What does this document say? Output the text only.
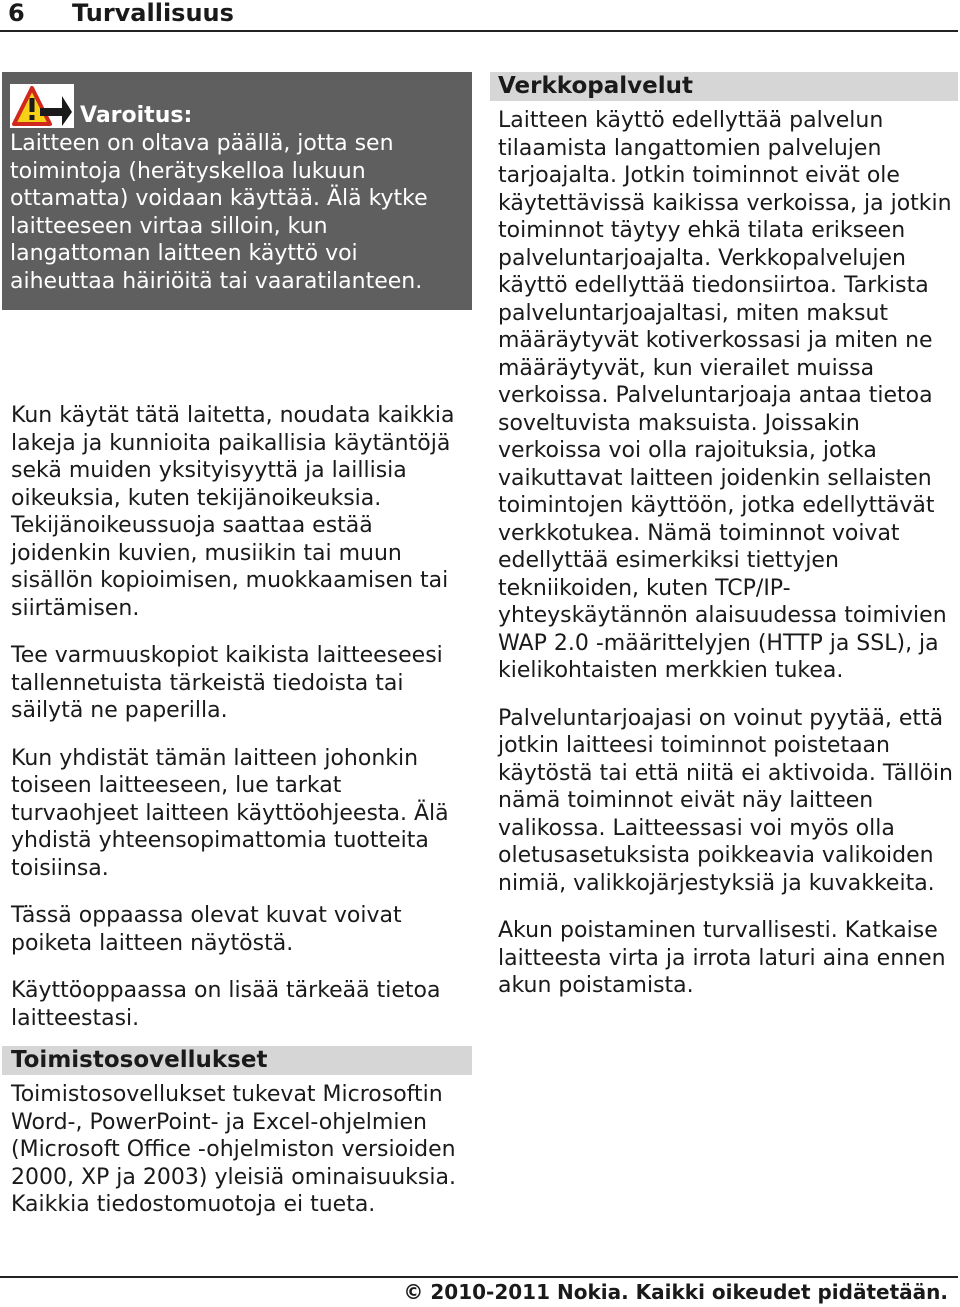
6 Turvallisuus
Varoitus:
Laitteen on oltava päällä, jotta sen toimintoja (herätyskelloa lukuun ottamatta) voidaan käyttää. Älä kytke laitteeseen virtaa silloin, kun langattoman laitteen käyttö voi aiheuttaa häiriöitä tai vaaratilanteen.

Kun käytät tätä laitetta, noudata kaikkia lakeja ja kunnioita paikallisia käytäntöjä sekä muiden yksityisyyttä ja laillisia oikeuksia, kuten tekijänoikeuksia. Tekijänoikeussuoja saattaa estää joidenkin kuvien, musiikin tai muun sisällön kopioimisen, muokkaamisen tai siirtämisen.

Tee varmuuskopiot kaikista laitteeseesi tallennetuista tärkeistä tiedoista tai säilytä ne paperilla.

Kun yhdistät tämän laitteen johonkin toiseen laitteeseen, lue tarkat turvaohjeet laitteen käyttöohjeesta. Älä yhdistä yhteensopimattomia tuotteita toisiinsa.

Tässä oppaassa olevat kuvat voivat poiketa laitteen näytöstä.

Käyttöoppaassa on lisää tärkeää tietoa laitteestasi.

Toimistosovellukset

Toimistosovellukset tukevat Microsoftin Word-, PowerPoint- ja Excel-ohjelmien (Microsoft Office -ohjelmiston versioiden 2000, XP ja 2003) yleisiä ominaisuuksia. Kaikkia tiedostomuotoja ei tueta.

Verkkopalvelut

Laitteen käyttö edellyttää palvelun tilaamista langattomien palvelujen tarjoajalta. Jotkin toiminnot eivät ole käytettävissä kaikissa verkoissa, ja jotkin toiminnot täytyy ehkä tilata erikseen palveluntarjoajalta. Verkkopalvelujen käyttö edellyttää tiedonsiirtoa. Tarkista palveluntarjoajaltasi, miten maksut määräytyvät kotiverkossasi ja miten ne määräytyvät, kun vierailet muissa verkoissa. Palveluntarjoaja antaa tietoa soveltuvista maksuista. Joissakin verkoissa voi olla rajoituksia, jotka vaikuttavat laitteen joidenkin sellaisten toimintojen käyttöön, jotka edellyttävät verkkotukea. Nämä toiminnot voivat edellyttää esimerkiksi tiettyjen tekniikoiden, kuten TCP/IP-yhteyskäytännön alaisuudessa toimivien WAP 2.0 -määrittelyjen (HTTP ja SSL), ja kielikohtaisten merkkien tukea.

Palveluntarjoajasi on voinut pyytää, että jotkin laitteesi toiminnot poistetaan käytöstä tai että niitä ei aktivoida. Tällöin nämä toiminnot eivät näy laitteen valikossa. Laitteessasi voi myös olla oletusasetuksista poikkeavia valikoiden nimiä, valikkojärjestyksiä ja kuvakkeita.

Akun poistaminen turvallisesti. Katkaise laitteesta virta ja irrota laturi aina ennen akun poistamista.

© 2010-2011 Nokia. Kaikki oikeudet pidätetään.
